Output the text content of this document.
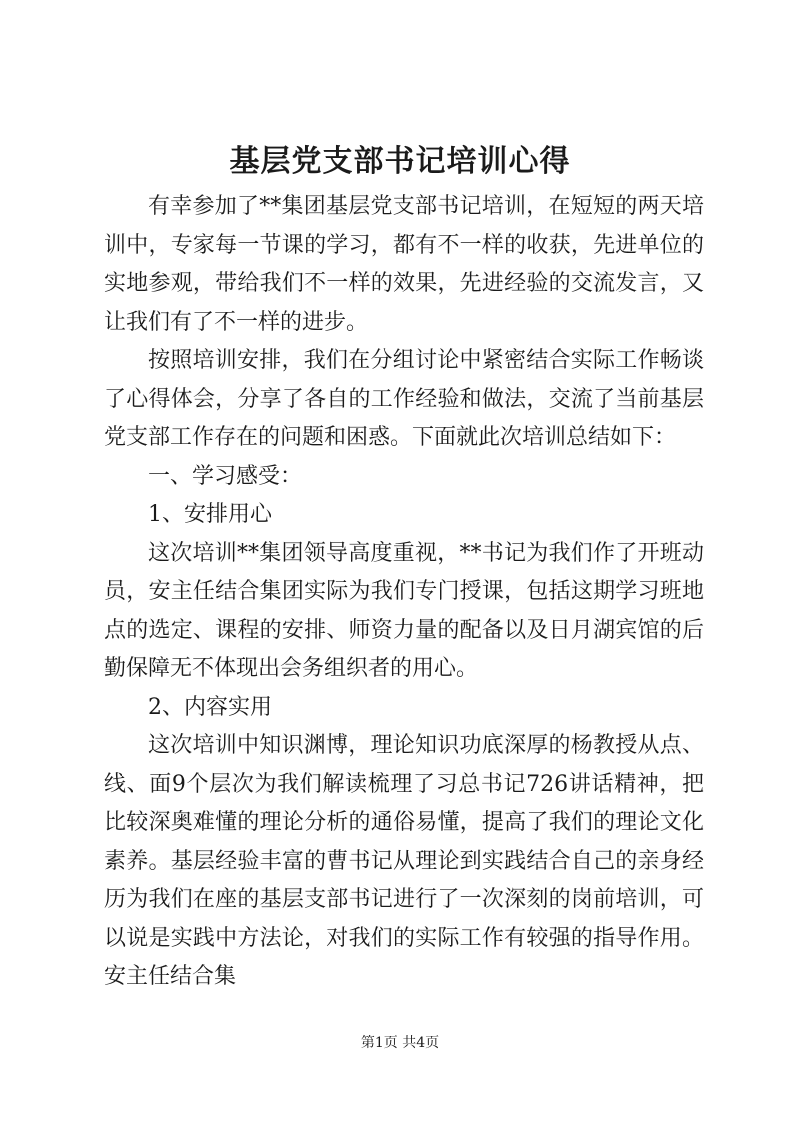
基层党支部书记培训心得

有幸参加了**集团基层党支部书记培训，在短短的两天培训中，专家每一节课的学习，都有不一样的收获，先进单位的实地参观，带给我们不一样的效果，先进经验的交流发言，又让我们有了不一样的进步。

按照培训安排，我们在分组讨论中紧密结合实际工作畅谈了心得体会，分享了各自的工作经验和做法，交流了当前基层党支部工作存在的问题和困惑。下面就此次培训总结如下：

一、学习感受：

1、安排用心

这次培训**集团领导高度重视，**书记为我们作了开班动员，安主任结合集团实际为我们专门授课，包括这期学习班地点的选定、课程的安排、师资力量的配备以及日月湖宾馆的后勤保障无不体现出会务组织者的用心。

2、内容实用

这次培训中知识渊博，理论知识功底深厚的杨教授从点、线、面9个层次为我们解读梳理了习总书记726讲话精神，把比较深奥难懂的理论分析的通俗易懂，提高了我们的理论文化素养。基层经验丰富的曹书记从理论到实践结合自己的亲身经历为我们在座的基层支部书记进行了一次深刻的岗前培训，可以说是实践中方法论，对我们的实际工作有较强的指导作用。安主任结合集

第1页 共4页
